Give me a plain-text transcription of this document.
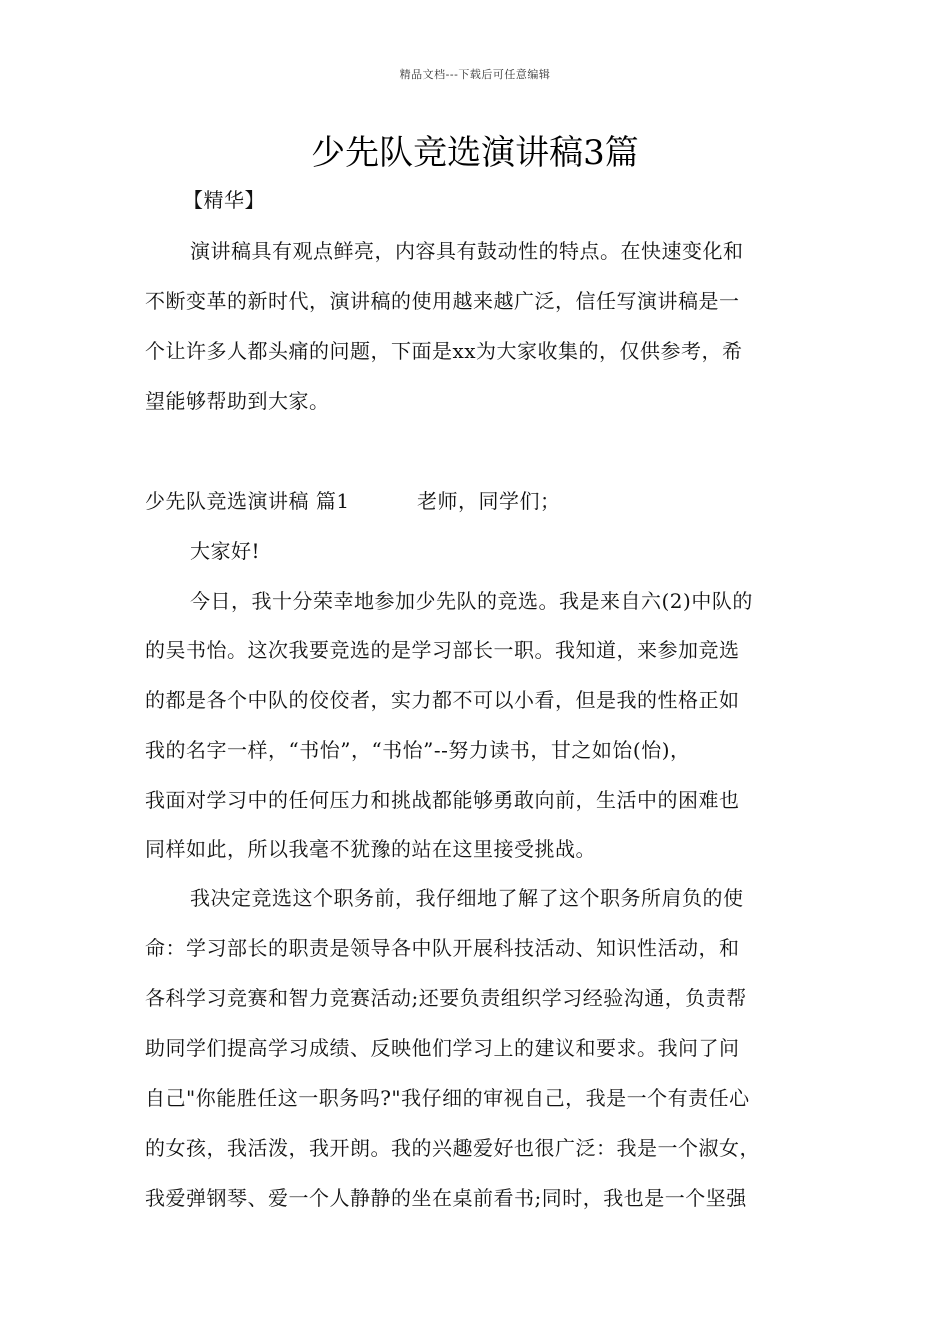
精品文档---下载后可任意编辑
少先队竞选演讲稿3篇
【精华】
演讲稿具有观点鲜亮，内容具有鼓动性的特点。在快速变化和
不断变革的新时代，演讲稿的使用越来越广泛，信任写演讲稿是一
个让许多人都头痛的问题，下面是xx为大家收集的，仅供参考，希
望能够帮助到大家。
少先队竞选演讲稿 篇1	老师，同学们；
大家好!
今日，我十分荣幸地参加少先队的竞选。我是来自六(2)中队的
的吴书怡。这次我要竞选的是学习部长一职。我知道，来参加竞选
的都是各个中队的佼佼者，实力都不可以小看，但是我的性格正如
我的名字一样，“书怡”，“书怡”--努力读书，甘之如饴(怡)，
我面对学习中的任何压力和挑战都能够勇敢向前，生活中的困难也
同样如此，所以我毫不犹豫的站在这里接受挑战。
我决定竞选这个职务前，我仔细地了解了这个职务所肩负的使
命：学习部长的职责是领导各中队开展科技活动、知识性活动，和
各科学习竞赛和智力竞赛活动;还要负责组织学习经验沟通，负责帮
助同学们提高学习成绩、反映他们学习上的建议和要求。我问了问
自己"你能胜任这一职务吗?"我仔细的审视自己，我是一个有责任心
的女孩，我活泼，我开朗。我的兴趣爱好也很广泛：我是一个淑女，
我爱弹钢琴、爱一个人静静的坐在桌前看书;同时，我也是一个坚强
